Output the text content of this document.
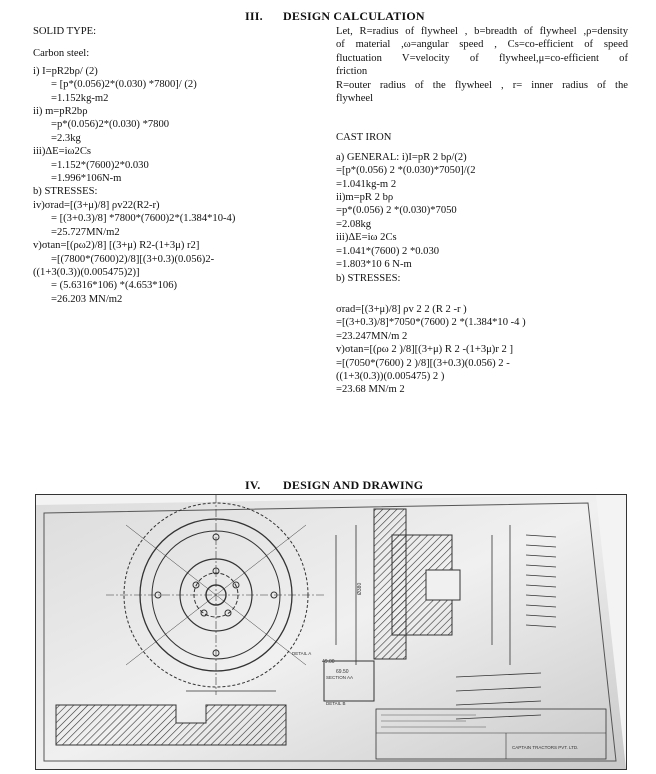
III. DESIGN CALCULATION
SOLID TYPE:
Carbon steel:
i) I=pR2bρ/ (2)
= [p*(0.056)2*(0.030) *7800]/ (2)
=1.152kg-m2
ii) m=pR2bρ
=p*(0.056)2*(0.030) *7800
=2.3kg
iii)ΔE=iω2Cs
=1.152*(7600)2*0.030
=1.996*106N-m
b) STRESSES:
iv)σrad=[(3+μ)/8] ρv22(R2-r)
= [(3+0.3)/8] *7800*(7600)2*(1.384*10-4)
=25.727MN/m2
v)σtan=[(ρω2)/8] [(3+μ) R2-(1+3μ) r2]
=[(7800*(7600)2)/8][(3+0.3)(0.056)2-
((1+3(0.3))(0.005475)2)]
= (5.6316*106) *(4.653*106)
=26.203 MN/m2
Let, R=radius of flywheel , b=breadth of flywheel ,ρ=density
of material ,ω=angular speed , Cs=co-efficient of speed
fluctuation V=velocity of flywheel,μ=co-efficient of
friction
R=outer radius of the flywheel , r= inner radius of the
flywheel
CAST IRON
a) GENERAL: i)I=pR 2 bρ/(2)
=[p*(0.056) 2 *(0.030)*7050]/(2
=1.041kg-m 2
ii)m=pR 2 bρ
=p*(0.056) 2 *(0.030)*7050
=2.08kg
iii)ΔE=iω 2Cs
=1.041*(7600) 2 *0.030
=1.803*10 6 N-m
b) STRESSES:
σrad=[(3+μ)/8] ρv 2 2 (R 2 -r )
=[(3+0.3)/8]*7050*(7600) 2 *(1.384*10 -4 )
=23.247MN/m 2
v)σtan=[(ρω 2 )/8][(3+μ) R 2 -(1+3μ)r 2 ]
=[(7050*(7600) 2 )/8][(3+0.3)(0.056) 2 -
((1+3(0.3))(0.005475) 2 )
=23.68 MN/m 2
IV. DESIGN AND DRAWING
CAPTAIN TRACTORS PVT. LTD.
69.50
49.00
SECTION AA
DETAIL A
DETAIL B
Ø380
